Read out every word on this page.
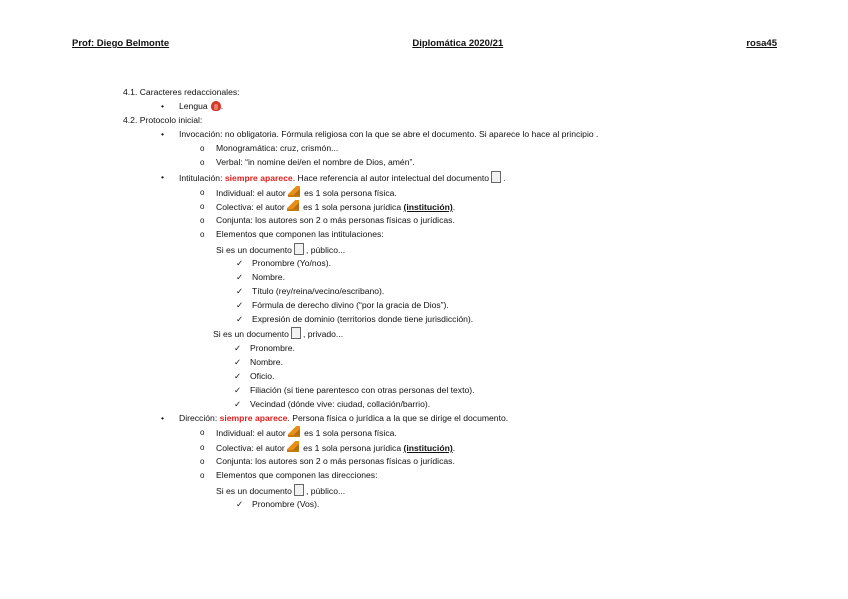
Prof: Diego Belmonte	Diplomática 2020/21	rosa45
4.1. Caracteres redaccionales:
• Lengua .
4.2. Protocolo inicial:
• Invocación: no obligatoria. Fórmula religiosa con la que se abre el documento. Si aparece lo hace al principio .
o Monogramática: cruz, crismón...
o Verbal: “in nomine dei/en el nombre de Dios, amén”.
• Intitulación: siempre aparece. Hace referencia al autor intelectual del documento .
o Individual: el autor es 1 sola persona física.
o Colectiva: el autor es 1 sola persona jurídica (institución).
o Conjunta: los autores son 2 o más personas físicas o jurídicas.
o Elementos que componen las intitulaciones:
Si es un documento , público...
✓ Pronombre (Yo/nos).
✓ Nombre.
✓ Título (rey/reina/vecino/escribano).
✓ Fórmula de derecho divino (“por la gracia de Dios”).
✓ Expresión de dominio (territorios donde tiene jurisdicción).
Si es un documento , privado...
✓ Pronombre.
✓ Nombre.
✓ Oficio.
✓ Filiación (si tiene parentesco con otras personas del texto).
✓ Vecindad (dónde vive: ciudad, collación/barrio).
• Dirección: siempre aparece. Persona física o jurídica a la que se dirige el documento.
o Individual: el autor es 1 sola persona física.
o Colectiva: el autor es 1 sola persona jurídica (institución).
o Conjunta: los autores son 2 o más personas físicas o jurídicas.
o Elementos que componen las direcciones:
Si es un documento , público...
✓ Pronombre (Vos).
